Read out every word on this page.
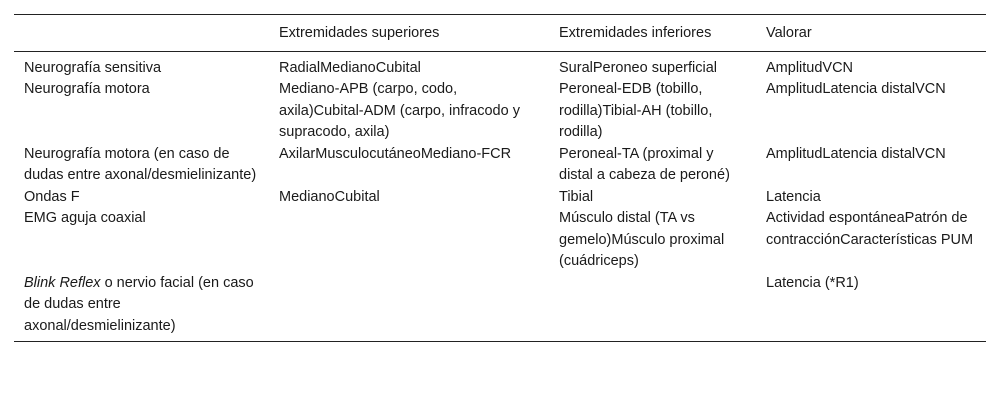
	Extremidades superiores	Extremidades inferiores	Valorar
Neurografía sensitiva	RadialMedianoCubital	SuralPeroneo superficial	AmplitudVCN
Neurografía motora	Mediano-APB (carpo, codo, axila)Cubital-ADM (carpo, infracodo y supracodo, axila)	Peroneal-EDB (tobillo, rodilla)Tibial-AH (tobillo, rodilla)	AmplitudLatencia distalVCN
Neurografía motora (en caso de dudas entre axonal/desmielinizante)	AxilarMusculocutáneoMediano-FCR	Peroneal-TA (proximal y distal a cabeza de peroné)	AmplitudLatencia distalVCN
Ondas F	MedianoCubital	Tibial	Latencia
EMG aguja coaxial		Músculo distal (TA vs gemelo)Músculo proximal (cuádriceps)	Actividad espontáneaPatrón de contracciónCaracterísticas PUM
Blink Reflex o nervio facial (en caso de dudas entre axonal/desmielinizante)			Latencia (*R1)
